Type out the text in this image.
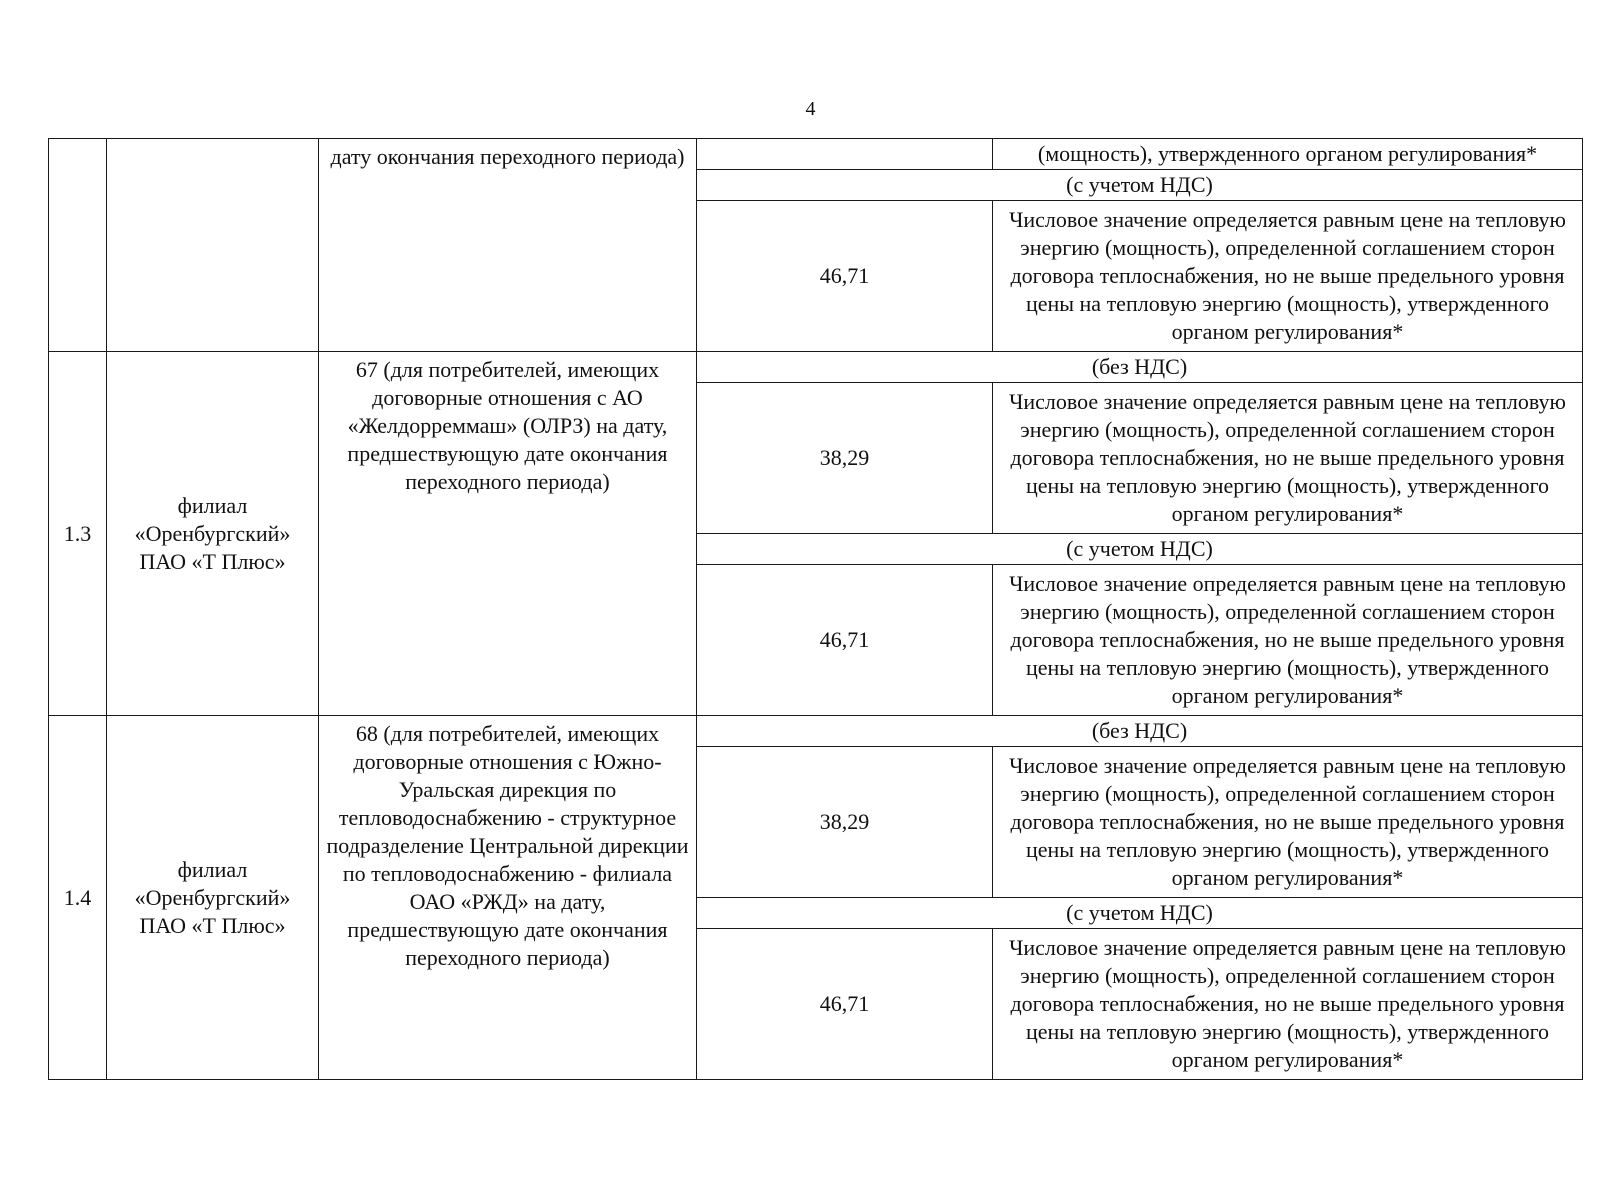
4
		дату окончания переходного периода)		(мощность), утвержденного органом регулирования*
			(с учетом НДС)	
			46,71	Числовое значение определяется равным цене на тепловую энергию (мощность), определенной соглашением сторон договора теплоснабжения, но не выше предельного уровня цены на тепловую энергию (мощность), утвержденного органом регулирования*
1.3	филиал «Оренбургский» ПАО «Т Плюс»	67 (для потребителей, имеющих договорные отношения с АО «Желдорреммаш» (ОЛРЗ) на дату, предшествующую дате окончания переходного периода)	(без НДС)	
			38,29	Числовое значение определяется равным цене на тепловую энергию (мощность), определенной соглашением сторон договора теплоснабжения, но не выше предельного уровня цены на тепловую энергию (мощность), утвержденного органом регулирования*
			(с учетом НДС)	
			46,71	Числовое значение определяется равным цене на тепловую энергию (мощность), определенной соглашением сторон договора теплоснабжения, но не выше предельного уровня цены на тепловую энергию (мощность), утвержденного органом регулирования*
1.4	филиал «Оренбургский» ПАО «Т Плюс»	68 (для потребителей, имеющих договорные отношения с Южно-Уральская дирекция по тепловодоснабжению - структурное подразделение Центральной дирекции по тепловодоснабжению - филиала ОАО «РЖД» на дату, предшествующую дате окончания переходного периода)	(без НДС)	
			38,29	Числовое значение определяется равным цене на тепловую энергию (мощность), определенной соглашением сторон договора теплоснабжения, но не выше предельного уровня цены на тепловую энергию (мощность), утвержденного органом регулирования*
			(с учетом НДС)	
			46,71	Числовое значение определяется равным цене на тепловую энергию (мощность), определенной соглашением сторон договора теплоснабжения, но не выше предельного уровня цены на тепловую энергию (мощность), утвержденного органом регулирования*
